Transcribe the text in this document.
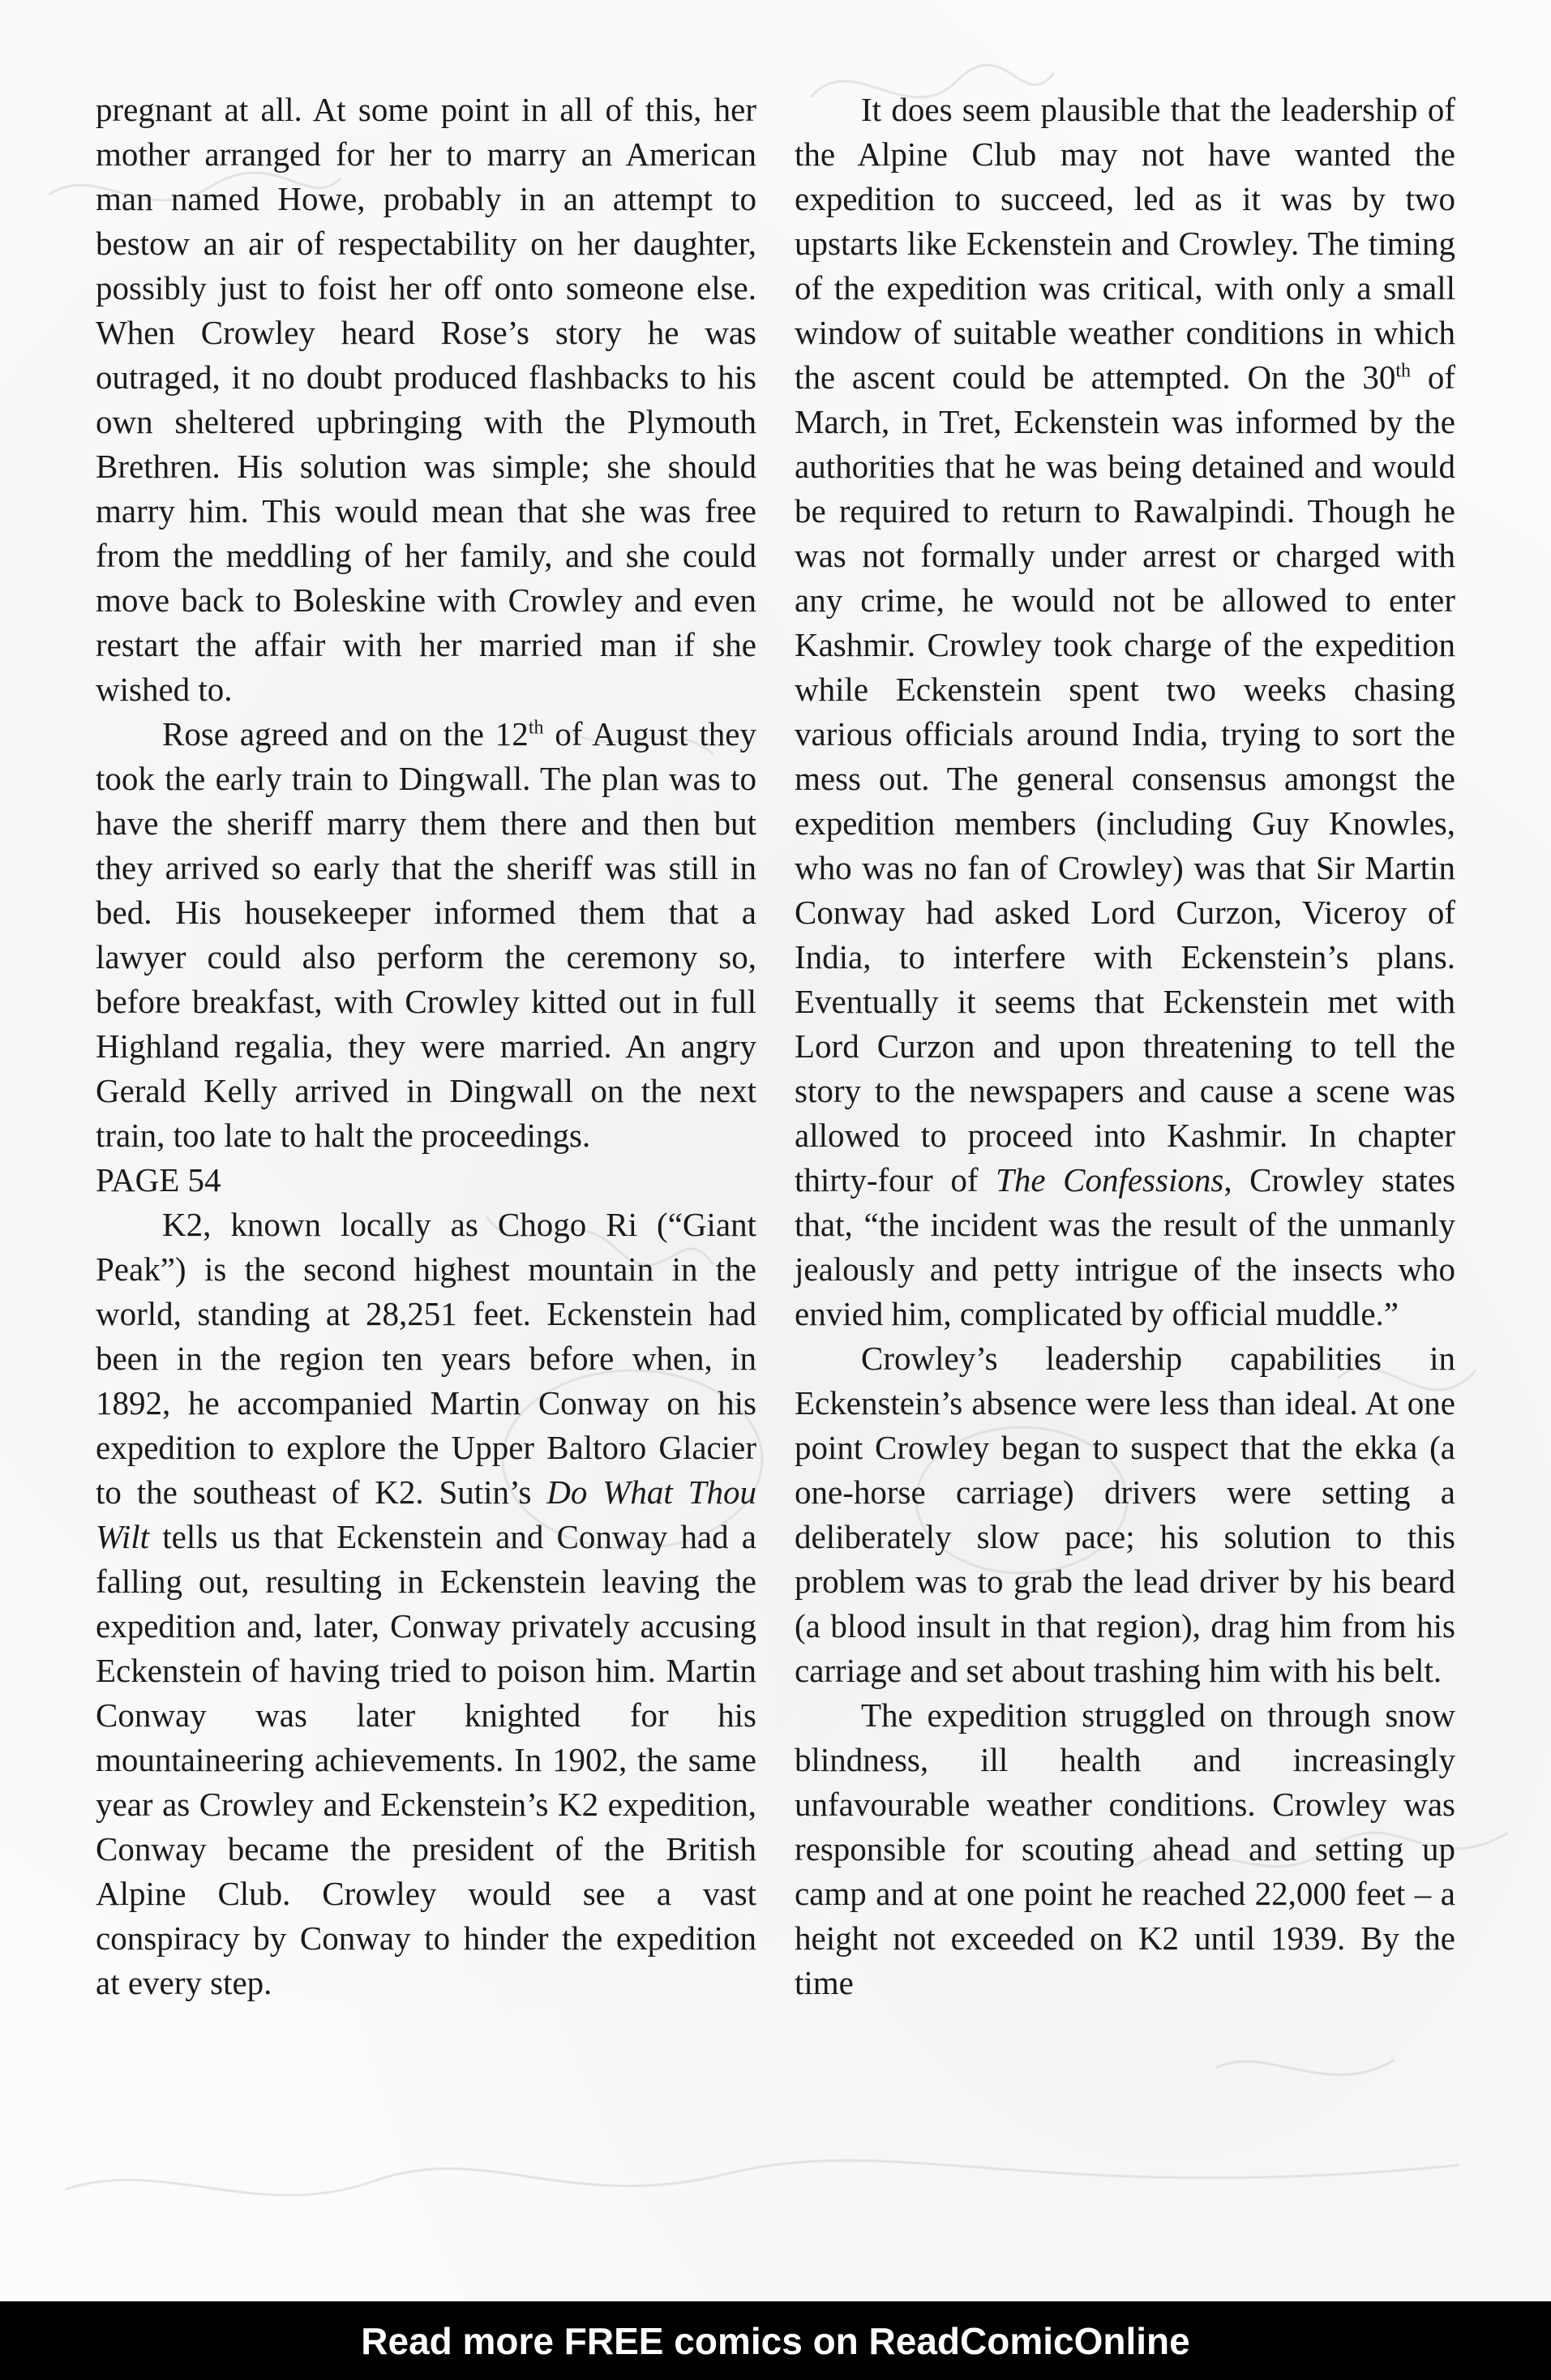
pregnant at all. At some point in all of this, her mother arranged for her to marry an American man named Howe, probably in an attempt to bestow an air of respectability on her daughter, possibly just to foist her off onto someone else. When Crowley heard Rose’s story he was outraged, it no doubt produced flashbacks to his own sheltered upbringing with the Plymouth Brethren. His solution was simple; she should marry him. This would mean that she was free from the meddling of her family, and she could move back to Boleskine with Crowley and even restart the affair with her married man if she wished to.

Rose agreed and on the 12th of August they took the early train to Dingwall. The plan was to have the sheriff marry them there and then but they arrived so early that the sheriff was still in bed. His housekeeper informed them that a lawyer could also perform the ceremony so, before breakfast, with Crowley kitted out in full Highland regalia, they were married. An angry Gerald Kelly arrived in Dingwall on the next train, too late to halt the proceedings.

PAGE 54

K2, known locally as Chogo Ri (“Giant Peak”) is the second highest mountain in the world, standing at 28,251 feet. Eckenstein had been in the region ten years before when, in 1892, he accompanied Martin Conway on his expedition to explore the Upper Baltoro Glacier to the southeast of K2. Sutin’s Do What Thou Wilt tells us that Eckenstein and Conway had a falling out, resulting in Eckenstein leaving the expedition and, later, Conway privately accusing Eckenstein of having tried to poison him. Martin Conway was later knighted for his mountaineering achievements. In 1902, the same year as Crowley and Eckenstein’s K2 expedition, Conway became the president of the British Alpine Club. Crowley would see a vast conspiracy by Conway to hinder the expedition at every step.

It does seem plausible that the leadership of the Alpine Club may not have wanted the expedition to succeed, led as it was by two upstarts like Eckenstein and Crowley. The timing of the expedition was critical, with only a small window of suitable weather conditions in which the ascent could be attempted. On the 30th of March, in Tret, Eckenstein was informed by the authorities that he was being detained and would be required to return to Rawalpindi. Though he was not formally under arrest or charged with any crime, he would not be allowed to enter Kashmir. Crowley took charge of the expedition while Eckenstein spent two weeks chasing various officials around India, trying to sort the mess out. The general consensus amongst the expedition members (including Guy Knowles, who was no fan of Crowley) was that Sir Martin Conway had asked Lord Curzon, Viceroy of India, to interfere with Eckenstein’s plans. Eventually it seems that Eckenstein met with Lord Curzon and upon threatening to tell the story to the newspapers and cause a scene was allowed to proceed into Kashmir. In chapter thirty-four of The Confessions, Crowley states that, “the incident was the result of the unmanly jealously and petty intrigue of the insects who envied him, complicated by official muddle.”

Crowley’s leadership capabilities in Eckenstein’s absence were less than ideal. At one point Crowley began to suspect that the ekka (a one-horse carriage) drivers were setting a deliberately slow pace; his solution to this problem was to grab the lead driver by his beard (a blood insult in that region), drag him from his carriage and set about trashing him with his belt.

The expedition struggled on through snow blindness, ill health and increasingly unfavourable weather conditions. Crowley was responsible for scouting ahead and setting up camp and at one point he reached 22,000 feet – a height not exceeded on K2 until 1939. By the time

Read more FREE comics on ReadComicOnline
